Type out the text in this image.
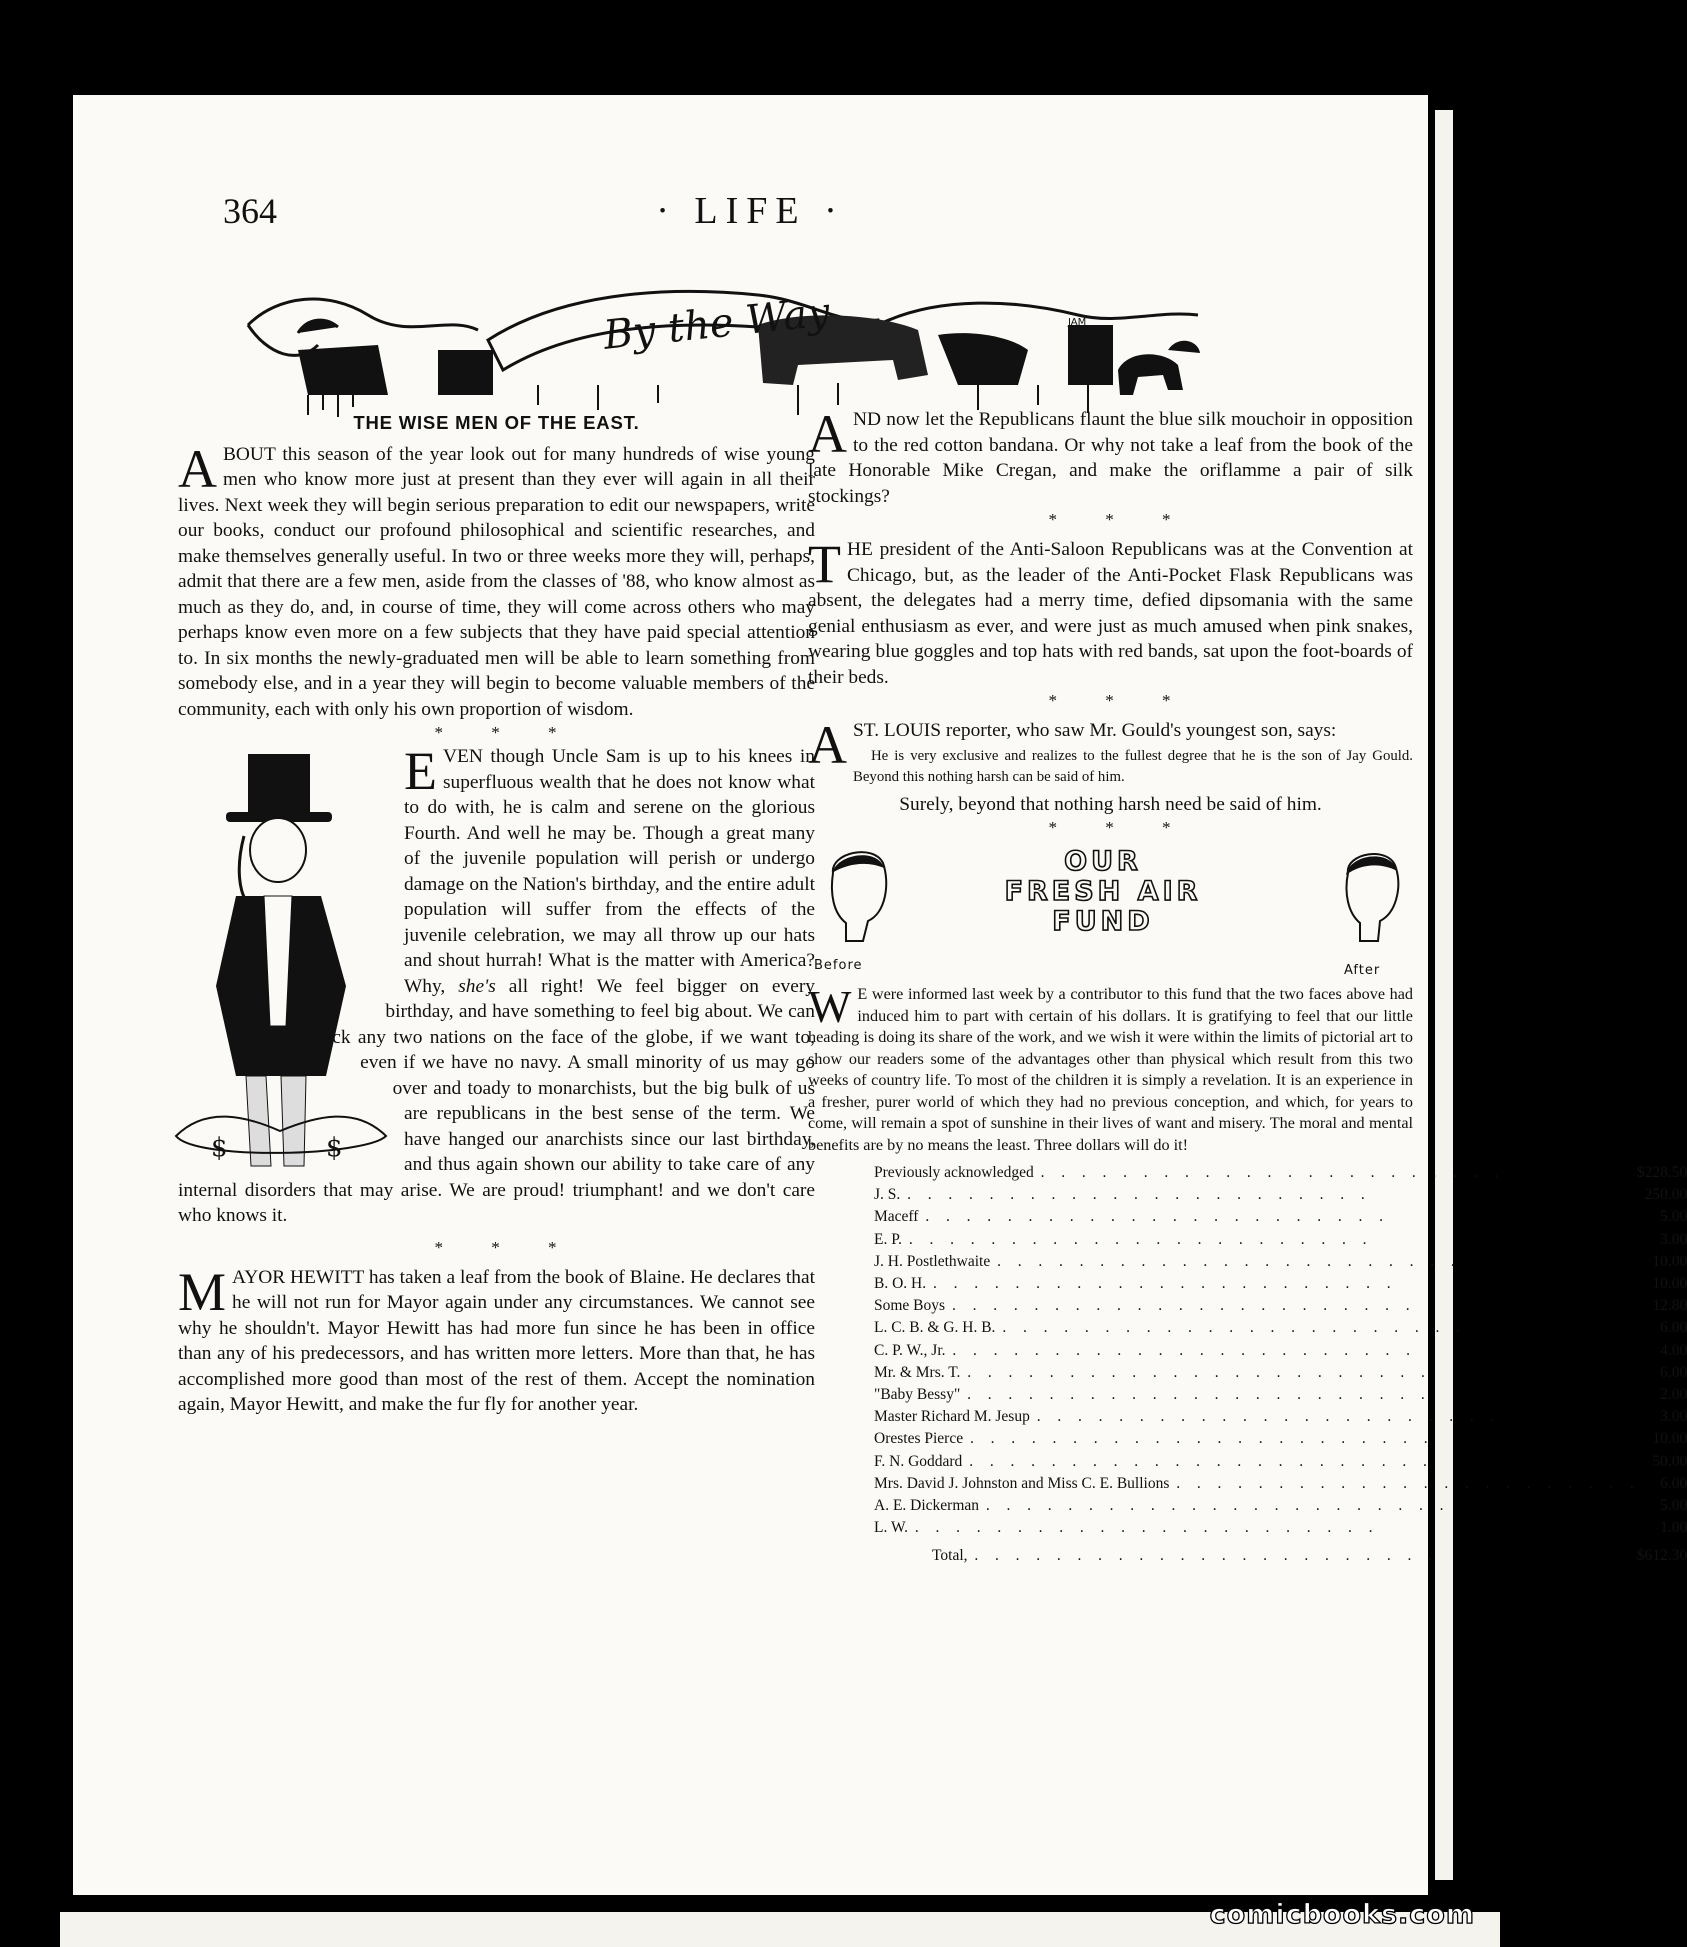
364	· LIFE ·
By the Way	JAM
THE WISE MEN OF THE EAST.

ABOUT this season of the year look out for many hundreds of wise young men who know more just at present than they ever will again in all their lives. Next week they will begin serious preparation to edit our newspapers, write our books, conduct our profound philosophical and scientific researches, and make themselves generally useful. In two or three weeks more they will, perhaps, admit that there are a few men, aside from the classes of '88, who know almost as much as they do, and, in course of time, they will come across others who may perhaps know even more on a few subjects that they have paid special attention to. In six months the newly-graduated men will be able to learn something from somebody else, and in a year they will begin to become valuable members of the community, each with only his own proportion of wisdom.

* * *
$	$

EVEN though Uncle Sam is up to his knees in superfluous wealth that he does not know what to do with, he is calm and serene on the glorious Fourth. And well he may be. Though a great many of the juvenile population will perish or undergo damage on the Nation's birthday, and the entire adult population will suffer from the effects of the juvenile celebration, we may all throw up our hats and shout hurrah! What is the matter with America? Why, she's all right! We feel bigger on every birthday, and have something to feel big about. We can lick any two nations on the face of the globe, if we want to, even if we have no navy. A small minority of us may go over and toady to monarchists, but the big bulk of us are republicans in the best sense of the term. We have hanged our anarchists since our last birthday, and thus again shown our ability to take care of any internal disorders that may arise. We are proud! triumphant! and we don't care who knows it.

* * *

MAYOR HEWITT has taken a leaf from the book of Blaine. He declares that he will not run for Mayor again under any circumstances. We cannot see why he shouldn't. Mayor Hewitt has had more fun since he has been in office than any of his predecessors, and has written more letters. More than that, he has accomplished more good than most of the rest of them. Accept the nomination again, Mayor Hewitt, and make the fur fly for another year.

AND now let the Republicans flaunt the blue silk mouchoir in opposition to the red cotton bandana. Or why not take a leaf from the book of the late Honorable Mike Cregan, and make the oriflamme a pair of silk stockings?

* * *

THE president of the Anti-Saloon Republicans was at the Convention at Chicago, but, as the leader of the Anti-Pocket Flask Republicans was absent, the delegates had a merry time, defied dipsomania with the same genial enthusiasm as ever, and were just as much amused when pink snakes, wearing blue goggles and top hats with red bands, sat upon the foot-boards of their beds.

* * *

A ST. LOUIS reporter, who saw Mr. Gould's youngest son, says:

He is very exclusive and realizes to the fullest degree that he is the son of Jay Gould. Beyond this nothing harsh can be said of him.

Surely, beyond that nothing harsh need be said of him.

* * *
Before
OUR
FRESH AIR
FUND
After

W E were informed last week by a contributor to this fund that the two faces above had induced him to part with certain of his dollars. It is gratifying to feel that our little heading is doing its share of the work, and we wish it were within the limits of pictorial art to show our readers some of the advantages other than physical which result from this two weeks of country life. To most of the children it is simply a revelation. It is an experience in a fresher, purer world of which they had no previous conception, and which, for years to come, will remain a spot of sunshine in their lives of want and misery. The moral and mental benefits are by no means the least. Three dollars will do it!

Previously acknowledged . .	$228.50
J. S. . .	250.00
Maceff . .	5.00
E. P. . .	3.00
J. H. Postlethwaite . .	10.00
B. O. H. . .	10.00
Some Boys . .	12.80
L. C. B. & G. H. B. . .	6.00
C. P. W., Jr. . .	4.00
Mr. & Mrs. T. . .	6.00
"Baby Bessy" . .	2.00
Master Richard M. Jesup . .	3.00
Orestes Pierce . .	10.00
F. N. Goddard . .	50.00
Mrs. David J. Johnston and Miss C. E. Bullions . .	6.00
A. E. Dickerman . .	5.00
L. W. . .	1.00
Total, . .	$612.30
comicbooks.com
